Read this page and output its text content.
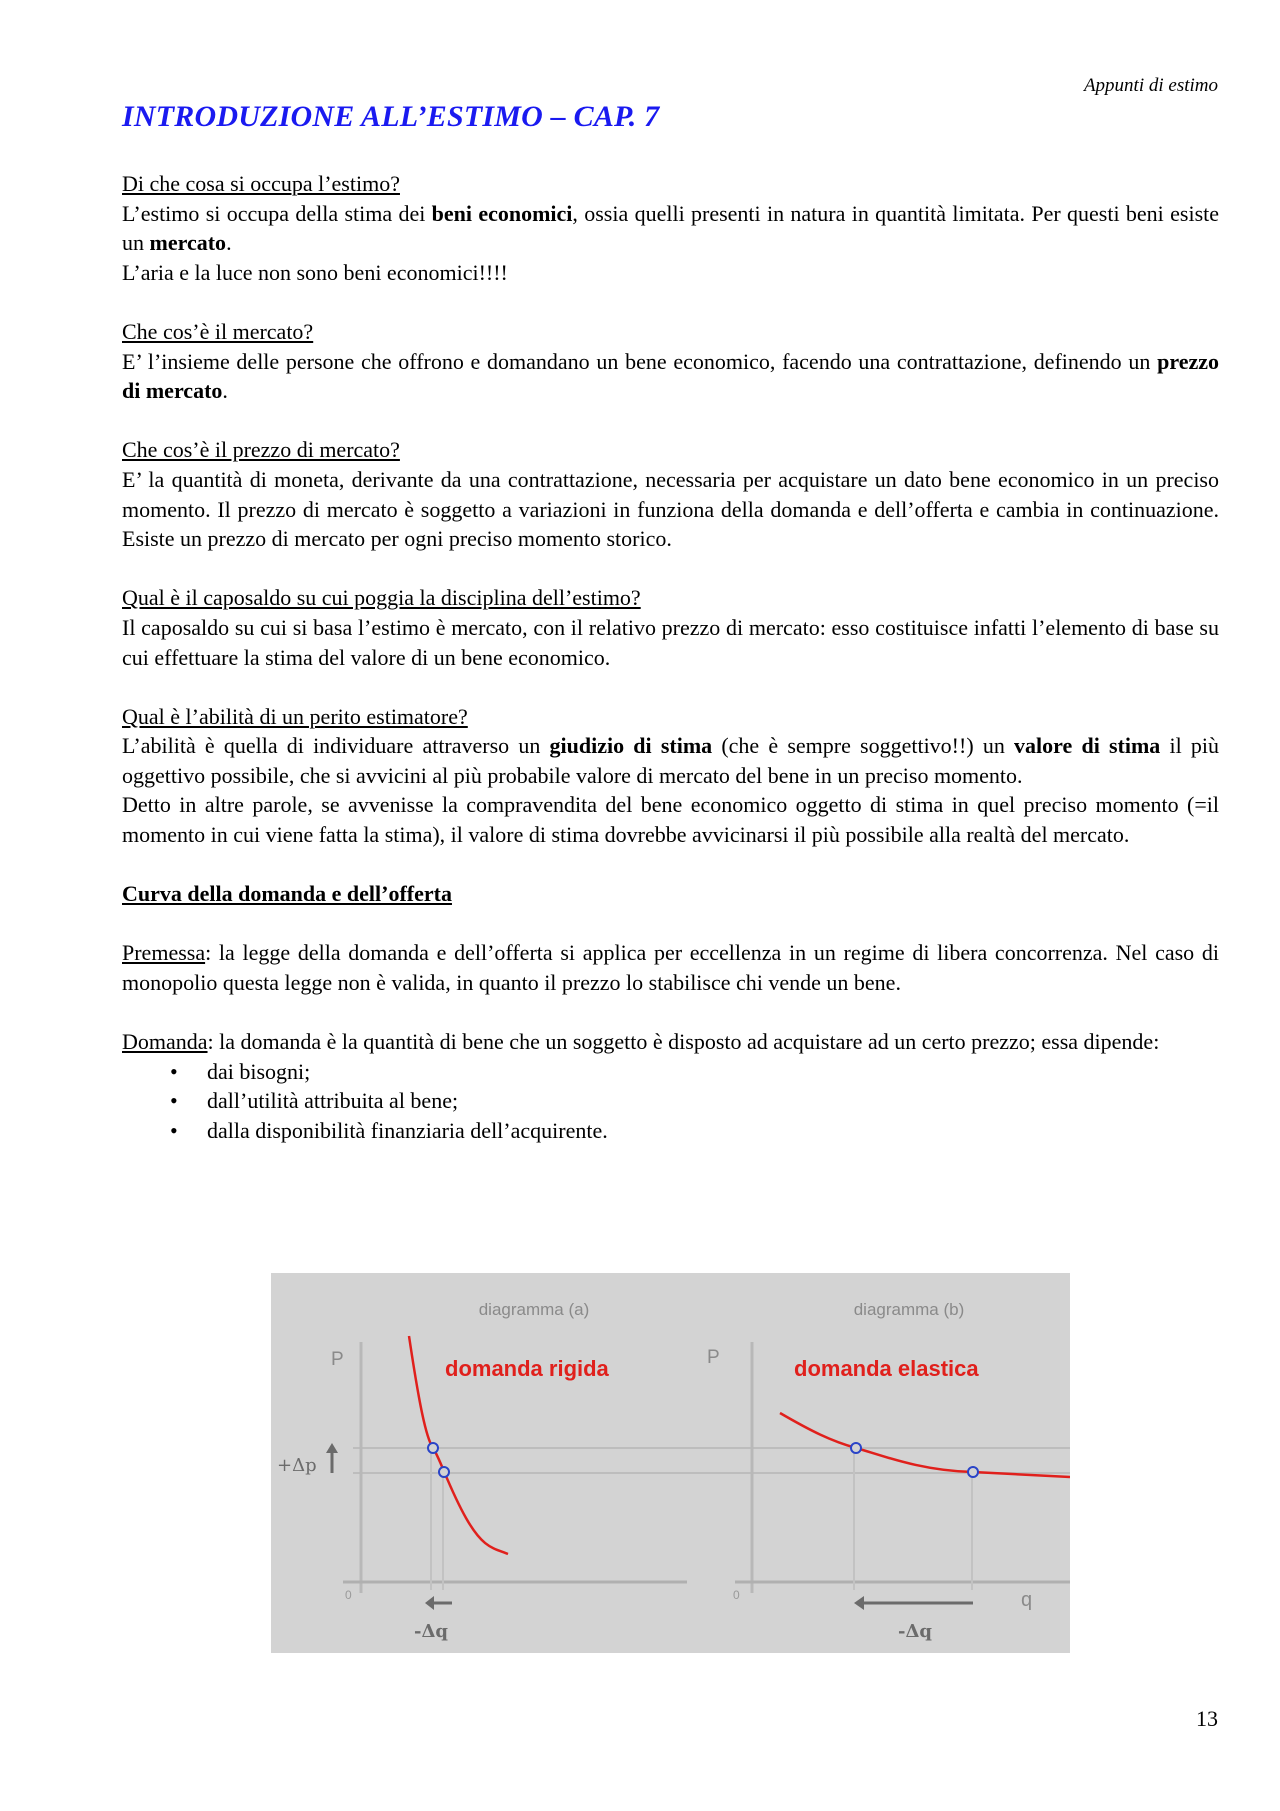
Appunti di estimo
INTRODUZIONE ALL’ESTIMO – CAP. 7

Di che cosa si occupa l’estimo?

L’estimo si occupa della stima dei beni economici, ossia quelli presenti in natura in quantità limitata. Per questi beni esiste un mercato.

L’aria e la luce non sono beni economici!!!!

Che cos’è il mercato?

E’ l’insieme delle persone che offrono e domandano un bene economico, facendo una contrattazione, definendo un prezzo di mercato.

Che cos’è il prezzo di mercato?

E’ la quantità di moneta, derivante da una contrattazione, necessaria per acquistare un dato bene economico in un preciso momento. Il prezzo di mercato è soggetto a variazioni in funziona della domanda e dell’offerta e cambia in continuazione. Esiste un prezzo di mercato per ogni preciso momento storico.

Qual è il caposaldo su cui poggia la disciplina dell’estimo?

Il caposaldo su cui si basa l’estimo è mercato, con il relativo prezzo di mercato: esso costituisce infatti l’elemento di base su cui effettuare la stima del valore di un bene economico.

Qual è l’abilità di un perito estimatore?

L’abilità è quella di individuare attraverso un giudizio di stima (che è sempre soggettivo!!) un valore di stima il più oggettivo possibile, che si avvicini al più probabile valore di mercato del bene in un preciso momento.

Detto in altre parole, se avvenisse la compravendita del bene economico oggetto di stima in quel preciso momento (=il momento in cui viene fatta la stima), il valore di stima dovrebbe avvicinarsi il più possibile alla realtà del mercato.

Curva della domanda e dell’offerta

Premessa: la legge della domanda e dell’offerta si applica per eccellenza in un regime di libera concorrenza. Nel caso di monopolio questa legge non è valida, in quanto il prezzo lo stabilisce chi vende un bene.

Domanda: la domanda è la quantità di bene che un soggetto è disposto ad acquistare ad un certo prezzo; essa dipende:

• dai bisogni;
• dall’utilità attribuita al bene;
• dalla disponibilità finanziaria dell’acquirente.
diagramma (a)	diagramma (b)
domanda rigida	domanda elastica
P	P
q
0	0
+Δp
-Δq	-Δq
13
